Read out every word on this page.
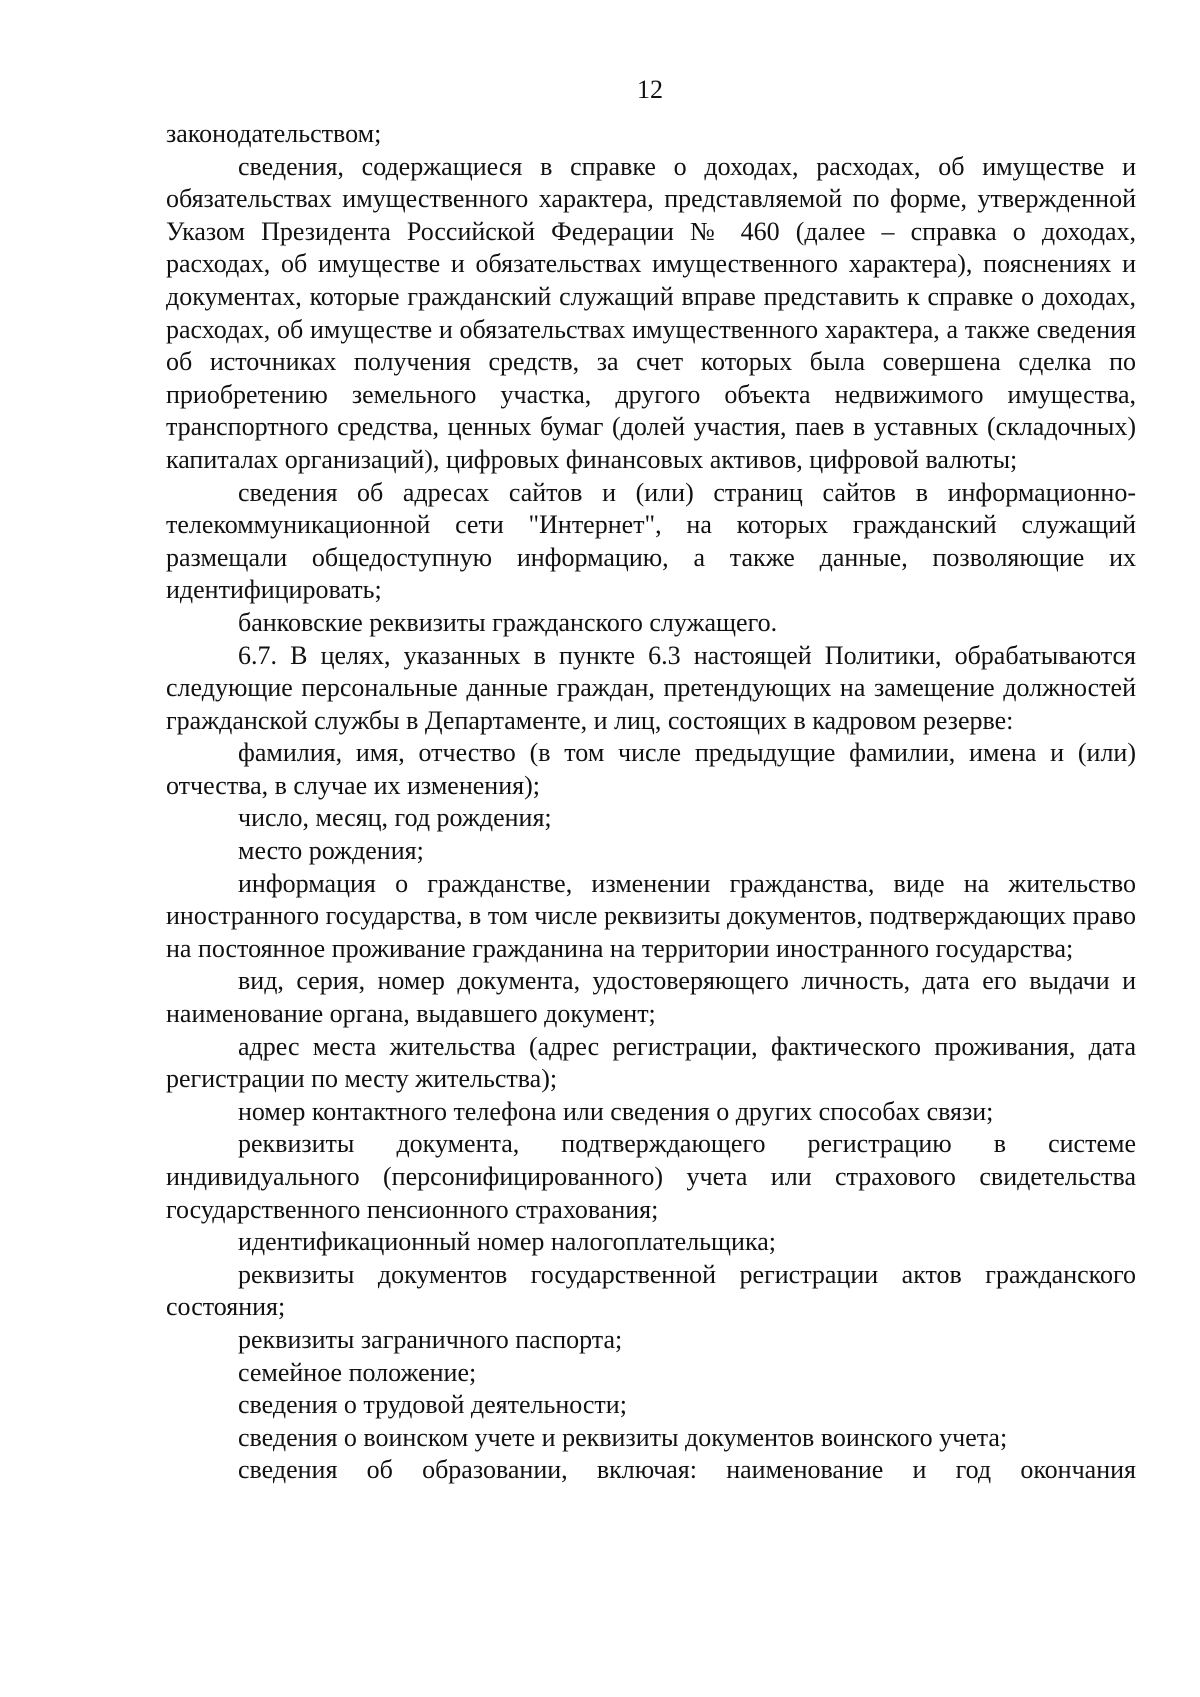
12

законодательством;

сведения, содержащиеся в справке о доходах, расходах, об имуществе и обязательствах имущественного характера, представляемой по форме, утвержденной Указом Президента Российской Федерации № 460 (далее – справка о доходах, расходах, об имуществе и обязательствах имущественного характера), пояснениях и документах, которые гражданский служащий вправе представить к справке о доходах, расходах, об имуществе и обязательствах имущественного характера, а также сведения об источниках получения средств, за счет которых была совершена сделка по приобретению земельного участка, другого объекта недвижимого имущества, транспортного средства, ценных бумаг (долей участия, паев в уставных (складочных) капиталах организаций), цифровых финансовых активов, цифровой валюты;

сведения об адресах сайтов и (или) страниц сайтов в информационно-телекоммуникационной сети "Интернет", на которых гражданский служащий размещали общедоступную информацию, а также данные, позволяющие их идентифицировать;

банковские реквизиты гражданского служащего.

6.7. В целях, указанных в пункте 6.3 настоящей Политики, обрабатываются следующие персональные данные граждан, претендующих на замещение должностей гражданской службы в Департаменте, и лиц, состоящих в кадровом резерве:

фамилия, имя, отчество (в том числе предыдущие фамилии, имена и (или) отчества, в случае их изменения);

число, месяц, год рождения;

место рождения;

информация о гражданстве, изменении гражданства, виде на жительство иностранного государства, в том числе реквизиты документов, подтверждающих право на постоянное проживание гражданина на территории иностранного государства;

вид, серия, номер документа, удостоверяющего личность, дата его выдачи и наименование органа, выдавшего документ;

адрес места жительства (адрес регистрации, фактического проживания, дата регистрации по месту жительства);

номер контактного телефона или сведения о других способах связи;

реквизиты документа, подтверждающего регистрацию в системе индивидуального (персонифицированного) учета или страхового свидетельства государственного пенсионного страхования;

идентификационный номер налогоплательщика;

реквизиты документов государственной регистрации актов гражданского состояния;

реквизиты заграничного паспорта;

семейное положение;

сведения о трудовой деятельности;

сведения о воинском учете и реквизиты документов воинского учета;

сведения об образовании, включая: наименование и год окончания
